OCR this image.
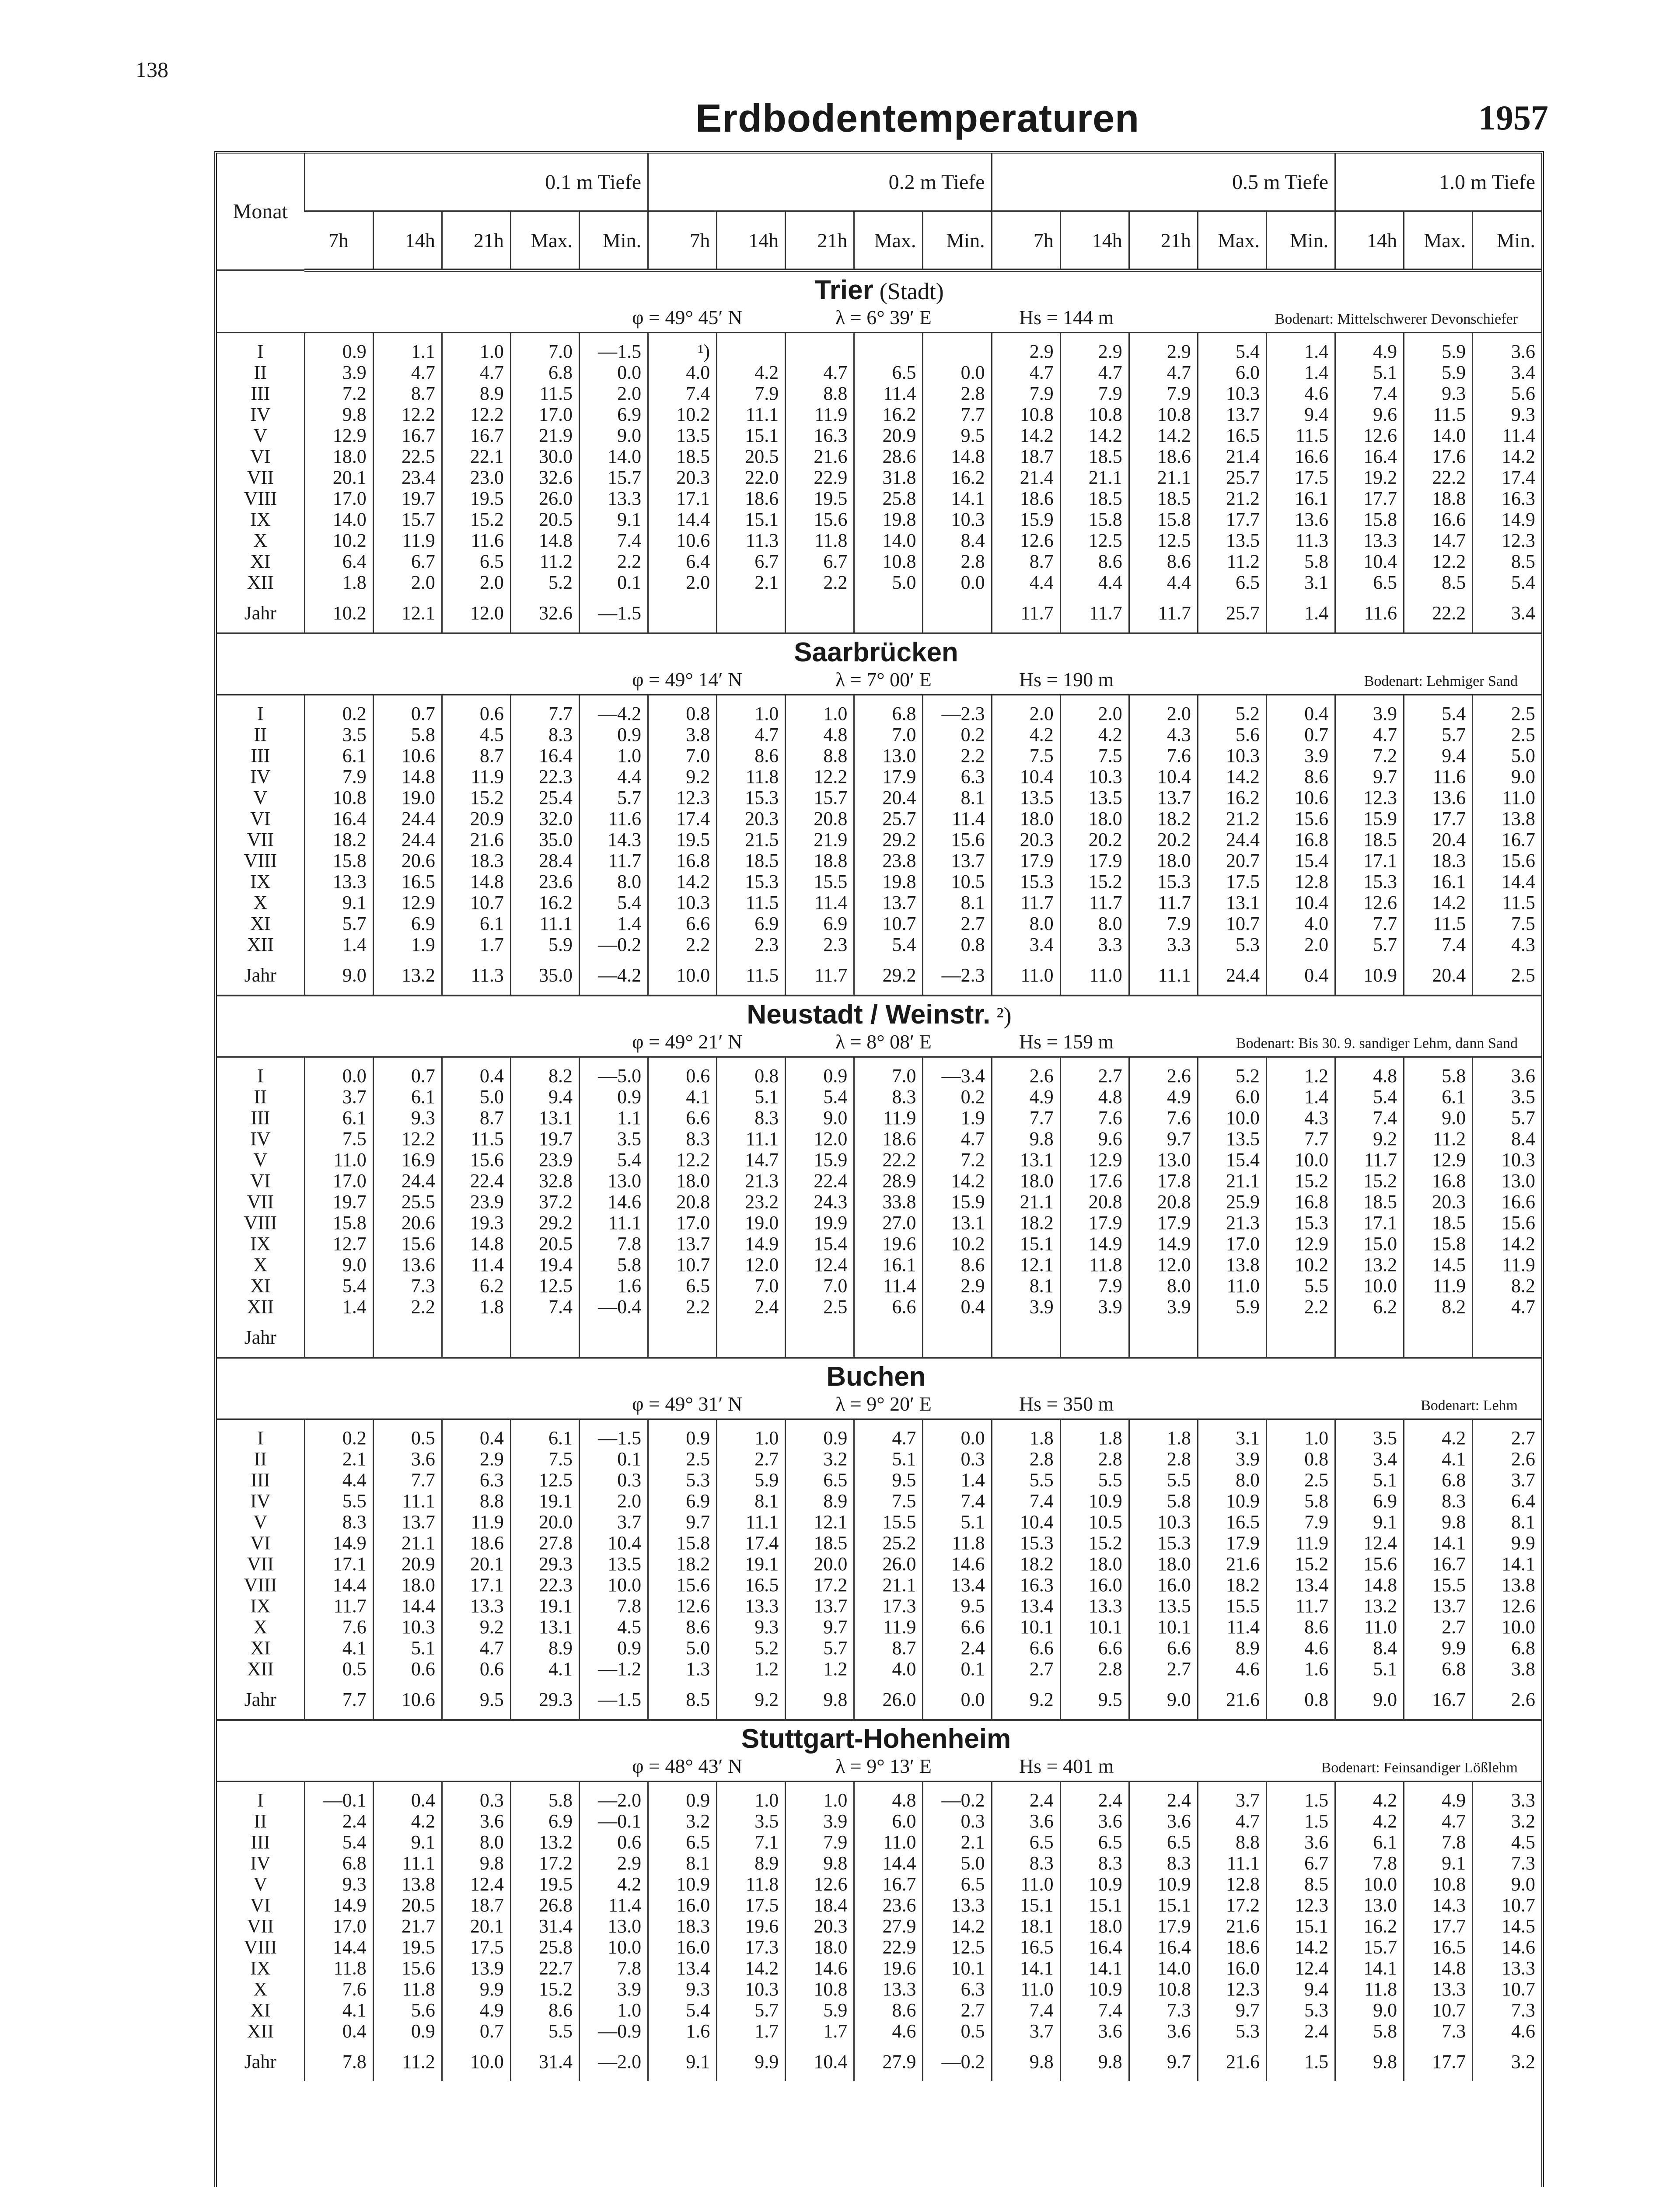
138
Erdbodentemperaturen	1957
Monat	0.1 m Tiefe					0.2 m Tiefe					0.5 m Tiefe					1.0 m Tiefe		
	7h	14h	21h	Max.	Min.	7h	14h	21h	Max.	Min.	7h	14h	21h	Max.	Min.	14h	Max.	Min.
Trier (Stadt)																		

φ = 49° 45′ N λ = 6° 39′ E Hs = 144 m Bodenart: Mittelschwerer Devonschiefer																		

I	0.9	1.1	1.0	7.0	—1.5	¹)					2.9	2.9	2.9	5.4	1.4	4.9	5.9	3.6
II	3.9	4.7	4.7	6.8	0.0	4.0	4.2	4.7	6.5	0.0	4.7	4.7	4.7	6.0	1.4	5.1	5.9	3.4
III	7.2	8.7	8.9	11.5	2.0	7.4	7.9	8.8	11.4	2.8	7.9	7.9	7.9	10.3	4.6	7.4	9.3	5.6
IV	9.8	12.2	12.2	17.0	6.9	10.2	11.1	11.9	16.2	7.7	10.8	10.8	10.8	13.7	9.4	9.6	11.5	9.3
V	12.9	16.7	16.7	21.9	9.0	13.5	15.1	16.3	20.9	9.5	14.2	14.2	14.2	16.5	11.5	12.6	14.0	11.4
VI	18.0	22.5	22.1	30.0	14.0	18.5	20.5	21.6	28.6	14.8	18.7	18.5	18.6	21.4	16.6	16.4	17.6	14.2
VII	20.1	23.4	23.0	32.6	15.7	20.3	22.0	22.9	31.8	16.2	21.4	21.1	21.1	25.7	17.5	19.2	22.2	17.4
VIII	17.0	19.7	19.5	26.0	13.3	17.1	18.6	19.5	25.8	14.1	18.6	18.5	18.5	21.2	16.1	17.7	18.8	16.3
IX	14.0	15.7	15.2	20.5	9.1	14.4	15.1	15.6	19.8	10.3	15.9	15.8	15.8	17.7	13.6	15.8	16.6	14.9
X	10.2	11.9	11.6	14.8	7.4	10.6	11.3	11.8	14.0	8.4	12.6	12.5	12.5	13.5	11.3	13.3	14.7	12.3
XI	6.4	6.7	6.5	11.2	2.2	6.4	6.7	6.7	10.8	2.8	8.7	8.6	8.6	11.2	5.8	10.4	12.2	8.5
XII	1.8	2.0	2.0	5.2	0.1	2.0	2.1	2.2	5.0	0.0	4.4	4.4	4.4	6.5	3.1	6.5	8.5	5.4
Jahr	10.2	12.1	12.0	32.6	—1.5						11.7	11.7	11.7	25.7	1.4	11.6	22.2	3.4
Saarbrücken																		

φ = 49° 14′ N λ = 7° 00′ E Hs = 190 m Bodenart: Lehmiger Sand																		

I	0.2	0.7	0.6	7.7	—4.2	0.8	1.0	1.0	6.8	—2.3	2.0	2.0	2.0	5.2	0.4	3.9	5.4	2.5
II	3.5	5.8	4.5	8.3	0.9	3.8	4.7	4.8	7.0	0.2	4.2	4.2	4.3	5.6	0.7	4.7	5.7	2.5
III	6.1	10.6	8.7	16.4	1.0	7.0	8.6	8.8	13.0	2.2	7.5	7.5	7.6	10.3	3.9	7.2	9.4	5.0
IV	7.9	14.8	11.9	22.3	4.4	9.2	11.8	12.2	17.9	6.3	10.4	10.3	10.4	14.2	8.6	9.7	11.6	9.0
V	10.8	19.0	15.2	25.4	5.7	12.3	15.3	15.7	20.4	8.1	13.5	13.5	13.7	16.2	10.6	12.3	13.6	11.0
VI	16.4	24.4	20.9	32.0	11.6	17.4	20.3	20.8	25.7	11.4	18.0	18.0	18.2	21.2	15.6	15.9	17.7	13.8
VII	18.2	24.4	21.6	35.0	14.3	19.5	21.5	21.9	29.2	15.6	20.3	20.2	20.2	24.4	16.8	18.5	20.4	16.7
VIII	15.8	20.6	18.3	28.4	11.7	16.8	18.5	18.8	23.8	13.7	17.9	17.9	18.0	20.7	15.4	17.1	18.3	15.6
IX	13.3	16.5	14.8	23.6	8.0	14.2	15.3	15.5	19.8	10.5	15.3	15.2	15.3	17.5	12.8	15.3	16.1	14.4
X	9.1	12.9	10.7	16.2	5.4	10.3	11.5	11.4	13.7	8.1	11.7	11.7	11.7	13.1	10.4	12.6	14.2	11.5
XI	5.7	6.9	6.1	11.1	1.4	6.6	6.9	6.9	10.7	2.7	8.0	8.0	7.9	10.7	4.0	7.7	11.5	7.5
XII	1.4	1.9	1.7	5.9	—0.2	2.2	2.3	2.3	5.4	0.8	3.4	3.3	3.3	5.3	2.0	5.7	7.4	4.3
Jahr	9.0	13.2	11.3	35.0	—4.2	10.0	11.5	11.7	29.2	—2.3	11.0	11.0	11.1	24.4	0.4	10.9	20.4	2.5
Neustadt / Weinstr. ²)																		

φ = 49° 21′ N λ = 8° 08′ E Hs = 159 m Bodenart: Bis 30. 9. sandiger Lehm, dann Sand																		

I	0.0	0.7	0.4	8.2	—5.0	0.6	0.8	0.9	7.0	—3.4	2.6	2.7	2.6	5.2	1.2	4.8	5.8	3.6
II	3.7	6.1	5.0	9.4	0.9	4.1	5.1	5.4	8.3	0.2	4.9	4.8	4.9	6.0	1.4	5.4	6.1	3.5
III	6.1	9.3	8.7	13.1	1.1	6.6	8.3	9.0	11.9	1.9	7.7	7.6	7.6	10.0	4.3	7.4	9.0	5.7
IV	7.5	12.2	11.5	19.7	3.5	8.3	11.1	12.0	18.6	4.7	9.8	9.6	9.7	13.5	7.7	9.2	11.2	8.4
V	11.0	16.9	15.6	23.9	5.4	12.2	14.7	15.9	22.2	7.2	13.1	12.9	13.0	15.4	10.0	11.7	12.9	10.3
VI	17.0	24.4	22.4	32.8	13.0	18.0	21.3	22.4	28.9	14.2	18.0	17.6	17.8	21.1	15.2	15.2	16.8	13.0
VII	19.7	25.5	23.9	37.2	14.6	20.8	23.2	24.3	33.8	15.9	21.1	20.8	20.8	25.9	16.8	18.5	20.3	16.6
VIII	15.8	20.6	19.3	29.2	11.1	17.0	19.0	19.9	27.0	13.1	18.2	17.9	17.9	21.3	15.3	17.1	18.5	15.6
IX	12.7	15.6	14.8	20.5	7.8	13.7	14.9	15.4	19.6	10.2	15.1	14.9	14.9	17.0	12.9	15.0	15.8	14.2
X	9.0	13.6	11.4	19.4	5.8	10.7	12.0	12.4	16.1	8.6	12.1	11.8	12.0	13.8	10.2	13.2	14.5	11.9
XI	5.4	7.3	6.2	12.5	1.6	6.5	7.0	7.0	11.4	2.9	8.1	7.9	8.0	11.0	5.5	10.0	11.9	8.2
XII	1.4	2.2	1.8	7.4	—0.4	2.2	2.4	2.5	6.6	0.4	3.9	3.9	3.9	5.9	2.2	6.2	8.2	4.7
Jahr																		
Buchen																		

φ = 49° 31′ N λ = 9° 20′ E Hs = 350 m Bodenart: Lehm																		

I	0.2	0.5	0.4	6.1	—1.5	0.9	1.0	0.9	4.7	0.0	1.8	1.8	1.8	3.1	1.0	3.5	4.2	2.7
II	2.1	3.6	2.9	7.5	0.1	2.5	2.7	3.2	5.1	0.3	2.8	2.8	2.8	3.9	0.8	3.4	4.1	2.6
III	4.4	7.7	6.3	12.5	0.3	5.3	5.9	6.5	9.5	1.4	5.5	5.5	5.5	8.0	2.5	5.1	6.8	3.7
IV	5.5	11.1	8.8	19.1	2.0	6.9	8.1	8.9	7.5	7.4	7.4	10.9	5.8	10.9	5.8	6.9	8.3	6.4
V	8.3	13.7	11.9	20.0	3.7	9.7	11.1	12.1	15.5	5.1	10.4	10.5	10.3	16.5	7.9	9.1	9.8	8.1
VI	14.9	21.1	18.6	27.8	10.4	15.8	17.4	18.5	25.2	11.8	15.3	15.2	15.3	17.9	11.9	12.4	14.1	9.9
VII	17.1	20.9	20.1	29.3	13.5	18.2	19.1	20.0	26.0	14.6	18.2	18.0	18.0	21.6	15.2	15.6	16.7	14.1
VIII	14.4	18.0	17.1	22.3	10.0	15.6	16.5	17.2	21.1	13.4	16.3	16.0	16.0	18.2	13.4	14.8	15.5	13.8
IX	11.7	14.4	13.3	19.1	7.8	12.6	13.3	13.7	17.3	9.5	13.4	13.3	13.5	15.5	11.7	13.2	13.7	12.6
X	7.6	10.3	9.2	13.1	4.5	8.6	9.3	9.7	11.9	6.6	10.1	10.1	10.1	11.4	8.6	11.0	2.7	10.0
XI	4.1	5.1	4.7	8.9	0.9	5.0	5.2	5.7	8.7	2.4	6.6	6.6	6.6	8.9	4.6	8.4	9.9	6.8
XII	0.5	0.6	0.6	4.1	—1.2	1.3	1.2	1.2	4.0	0.1	2.7	2.8	2.7	4.6	1.6	5.1	6.8	3.8
Jahr	7.7	10.6	9.5	29.3	—1.5	8.5	9.2	9.8	26.0	0.0	9.2	9.5	9.0	21.6	0.8	9.0	16.7	2.6
Stuttgart-Hohenheim																		

φ = 48° 43′ N λ = 9° 13′ E Hs = 401 m Bodenart: Feinsandiger Lößlehm																		

I	—0.1	0.4	0.3	5.8	—2.0	0.9	1.0	1.0	4.8	—0.2	2.4	2.4	2.4	3.7	1.5	4.2	4.9	3.3
II	2.4	4.2	3.6	6.9	—0.1	3.2	3.5	3.9	6.0	0.3	3.6	3.6	3.6	4.7	1.5	4.2	4.7	3.2
III	5.4	9.1	8.0	13.2	0.6	6.5	7.1	7.9	11.0	2.1	6.5	6.5	6.5	8.8	3.6	6.1	7.8	4.5
IV	6.8	11.1	9.8	17.2	2.9	8.1	8.9	9.8	14.4	5.0	8.3	8.3	8.3	11.1	6.7	7.8	9.1	7.3
V	9.3	13.8	12.4	19.5	4.2	10.9	11.8	12.6	16.7	6.5	11.0	10.9	10.9	12.8	8.5	10.0	10.8	9.0
VI	14.9	20.5	18.7	26.8	11.4	16.0	17.5	18.4	23.6	13.3	15.1	15.1	15.1	17.2	12.3	13.0	14.3	10.7
VII	17.0	21.7	20.1	31.4	13.0	18.3	19.6	20.3	27.9	14.2	18.1	18.0	17.9	21.6	15.1	16.2	17.7	14.5
VIII	14.4	19.5	17.5	25.8	10.0	16.0	17.3	18.0	22.9	12.5	16.5	16.4	16.4	18.6	14.2	15.7	16.5	14.6
IX	11.8	15.6	13.9	22.7	7.8	13.4	14.2	14.6	19.6	10.1	14.1	14.1	14.0	16.0	12.4	14.1	14.8	13.3
X	7.6	11.8	9.9	15.2	3.9	9.3	10.3	10.8	13.3	6.3	11.0	10.9	10.8	12.3	9.4	11.8	13.3	10.7
XI	4.1	5.6	4.9	8.6	1.0	5.4	5.7	5.9	8.6	2.7	7.4	7.4	7.3	9.7	5.3	9.0	10.7	7.3
XII	0.4	0.9	0.7	5.5	—0.9	1.6	1.7	1.7	4.6	0.5	3.7	3.6	3.6	5.3	2.4	5.8	7.3	4.6
Jahr	7.8	11.2	10.0	31.4	—2.0	9.1	9.9	10.4	27.9	—0.2	9.8	9.8	9.7	21.6	1.5	9.8	17.7	3.2
